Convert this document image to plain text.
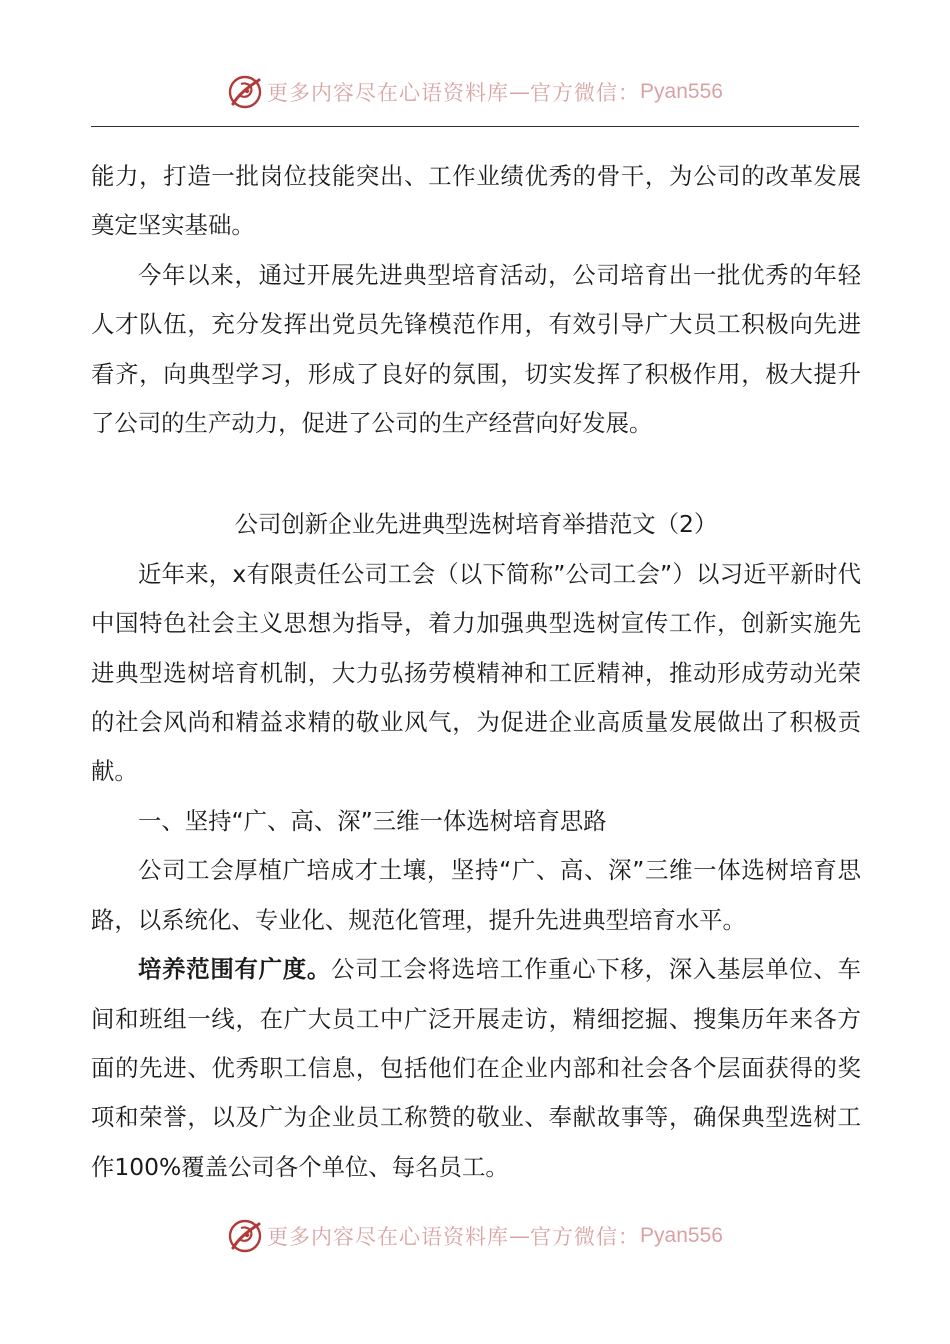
更多内容尽在心语资料库 — 官方微信： Pyan556

能力，打造一批岗位技能突出、工作业绩优秀的骨干，为公司的改革发展奠定坚实基础。

今年以来，通过开展先进典型培育活动，公司培育出一批优秀的年轻人才队伍，充分发挥出党员先锋模范作用，有效引导广大员工积极向先进看齐，向典型学习，形成了良好的氛围，切实发挥了积极作用，极大提升了公司的生产动力，促进了公司的生产经营向好发展。

公司创新企业先进典型选树培育举措范文（2）

近年来，x有限责任公司工会（以下简称”公司工会”）以习近平新时代中国特色社会主义思想为指导，着力加强典型选树宣传工作，创新实施先进典型选树培育机制，大力弘扬劳模精神和工匠精神，推动形成劳动光荣的社会风尚和精益求精的敬业风气，为促进企业高质量发展做出了积极贡献。

一、坚持“广、高、深”三维一体选树培育思路

公司工会厚植广培成才土壤，坚持“广、高、深”三维一体选树培育思路，以系统化、专业化、规范化管理，提升先进典型培育水平。

培养范围有广度。公司工会将选培工作重心下移，深入基层单位、车间和班组一线，在广大员工中广泛开展走访，精细挖掘、搜集历年来各方面的先进、优秀职工信息，包括他们在企业内部和社会各个层面获得的奖项和荣誉，以及广为企业员工称赞的敬业、奉献故事等，确保典型选树工作100%覆盖公司各个单位、每名员工。

更多内容尽在心语资料库 — 官方微信： Pyan556
